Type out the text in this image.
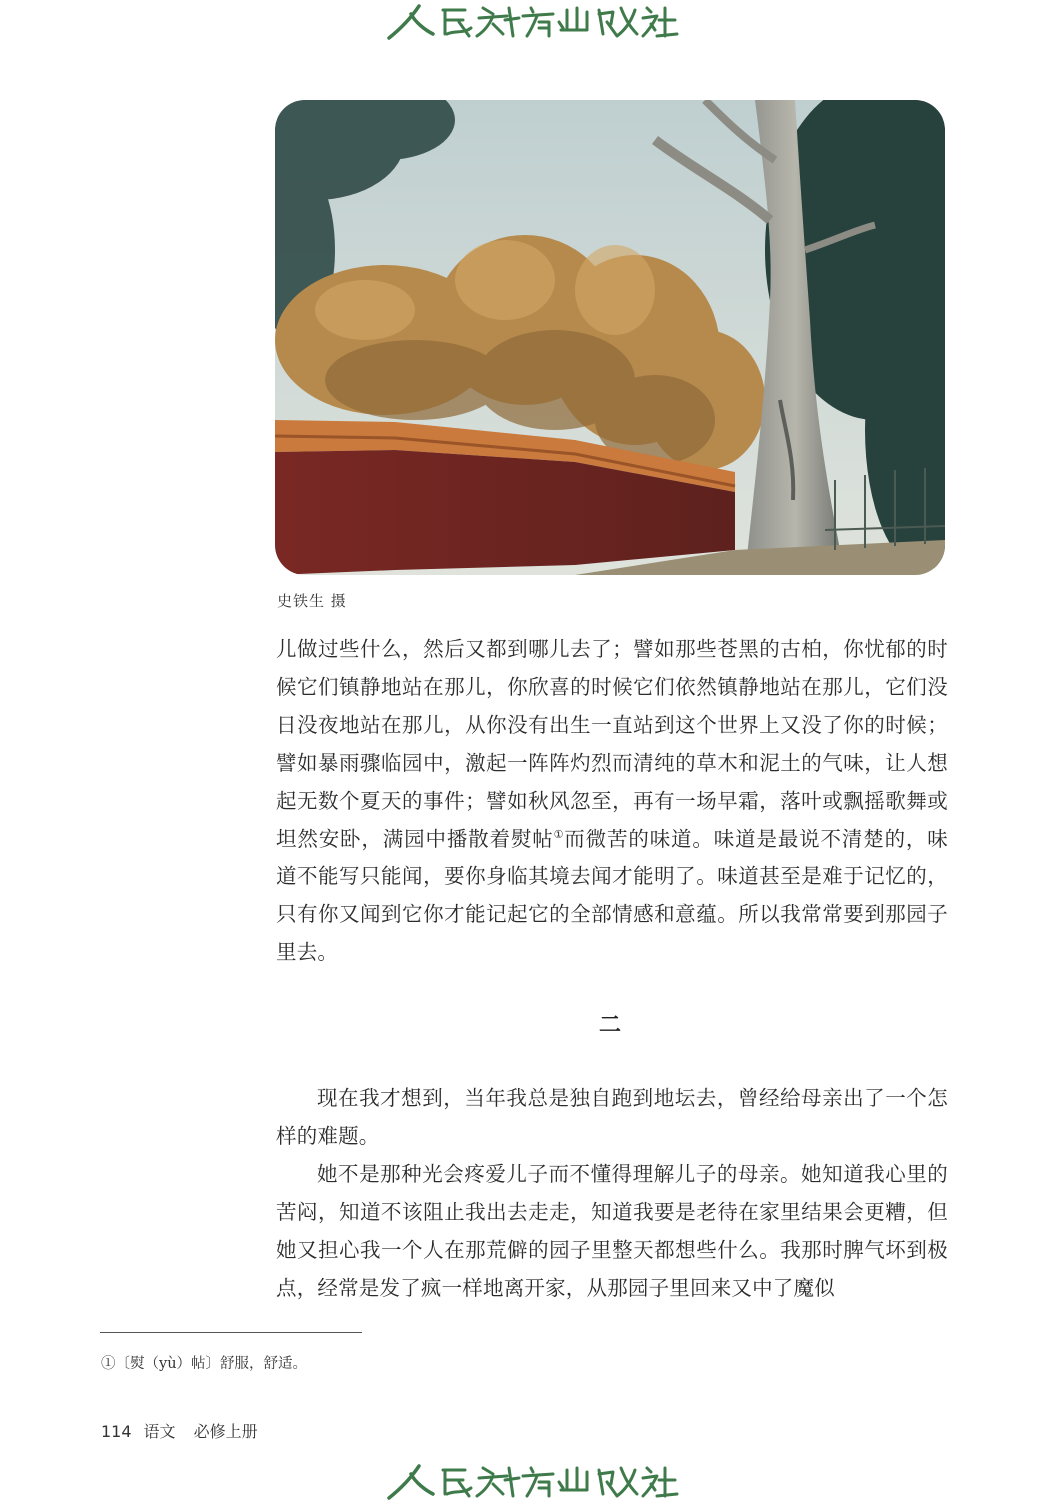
史铁生 摄

儿做过些什么，然后又都到哪儿去了；譬如那些苍黑的古柏，你忧郁的时候它们镇静地站在那儿，你欣喜的时候它们依然镇静地站在那儿，它们没日没夜地站在那儿，从你没有出生一直站到这个世界上又没了你的时候；譬如暴雨骤临园中，激起一阵阵灼烈而清纯的草木和泥土的气味，让人想起无数个夏天的事件；譬如秋风忽至，再有一场早霜，落叶或飘摇歌舞或坦然安卧，满园中播散着熨帖①而微苦的味道。味道是最说不清楚的，味道不能写只能闻，要你身临其境去闻才能明了。味道甚至是难于记忆的，只有你又闻到它你才能记起它的全部情感和意蕴。所以我常常要到那园子里去。

二

现在我才想到，当年我总是独自跑到地坛去，曾经给母亲出了一个怎样的难题。

她不是那种光会疼爱儿子而不懂得理解儿子的母亲。她知道我心里的苦闷，知道不该阻止我出去走走，知道我要是老待在家里结果会更糟，但她又担心我一个人在那荒僻的园子里整天都想些什么。我那时脾气坏到极点，经常是发了疯一样地离开家，从那园子里回来又中了魔似

①〔熨（yù）帖〕舒服，舒适。
114 语文 必修上册
